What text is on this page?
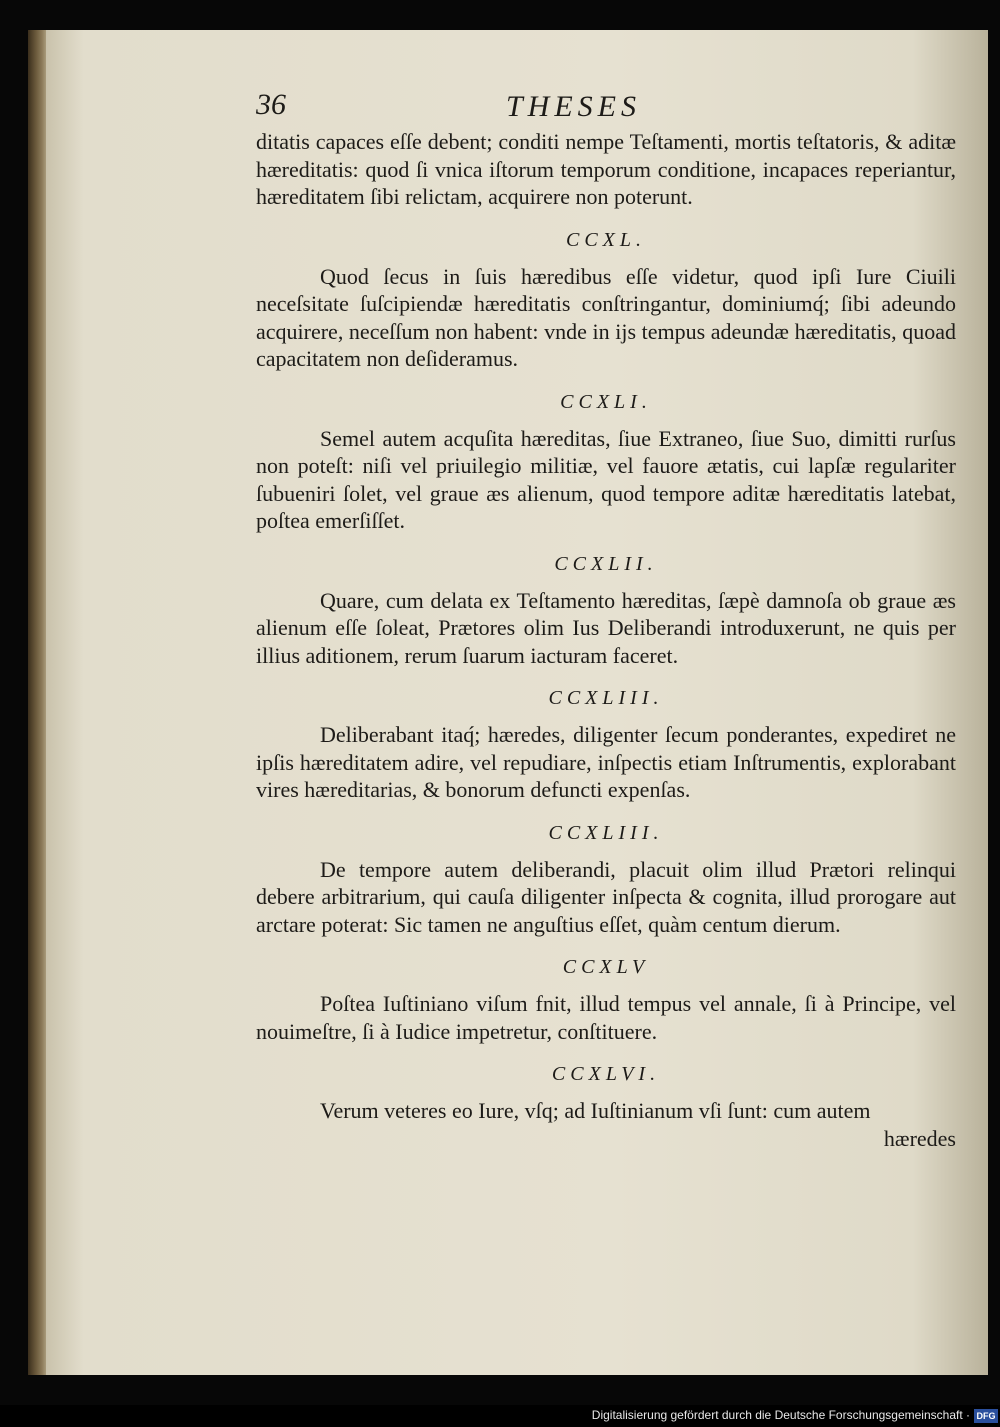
36	THESES

ditatis capaces eſſe debent; conditi nempe Teſtamenti, mortis teſtatoris, & aditæ hæreditatis: quod ſi vnica iſtorum temporum conditione, incapaces reperiantur, hæreditatem ſibi relictam, acquirere non poterunt.

CCXL.

Quod ſecus in ſuis hæredibus eſſe videtur, quod ipſi Iure Ciuili neceſsitate ſuſcipiendæ hæreditatis conſtringantur, dominiumq́; ſibi adeundo acquirere, neceſſum non habent: vnde in ijs tempus adeundæ hæreditatis, quoad capacitatem non deſideramus.

CCXLI.

Semel autem acquſita hæreditas, ſiue Extraneo, ſiue Suo, dimitti rurſus non poteſt: niſi vel priuilegio militiæ, vel fauore ætatis, cui lapſæ regulariter ſubueniri ſolet, vel graue æs alienum, quod tempore aditæ hæreditatis latebat, poſtea emerſiſſet.

CCXLII.

Quare, cum delata ex Teſtamento hæreditas, ſæpè damnoſa ob graue æs alienum eſſe ſoleat, Prætores olim Ius Deliberandi introduxerunt, ne quis per illius aditionem, rerum ſuarum iacturam faceret.

CCXLIII.

Deliberabant itaq́; hæredes, diligenter ſecum ponderantes, expediret ne ipſis hæreditatem adire, vel repudiare, inſpectis etiam Inſtrumentis, explorabant vires hæreditarias, & bonorum defuncti expenſas.

CCXLIII.

De tempore autem deliberandi, placuit olim illud Prætori relinqui debere arbitrarium, qui cauſa diligenter inſpecta & cognita, illud prorogare aut arctare poterat: Sic tamen ne anguſtius eſſet, quàm centum dierum.

CCXLV

Poſtea Iuſtiniano viſum fnit, illud tempus vel annale, ſi à Principe, vel nouimeſtre, ſi à Iudice impetretur, conſtituere.

CCXLVI.

Verum veteres eo Iure, vſq; ad Iuſtinianum vſi ſunt: cum autem

hæredes

Digitalisierung gefördert durch die Deutsche Forschungsgemeinschaft · DFG
